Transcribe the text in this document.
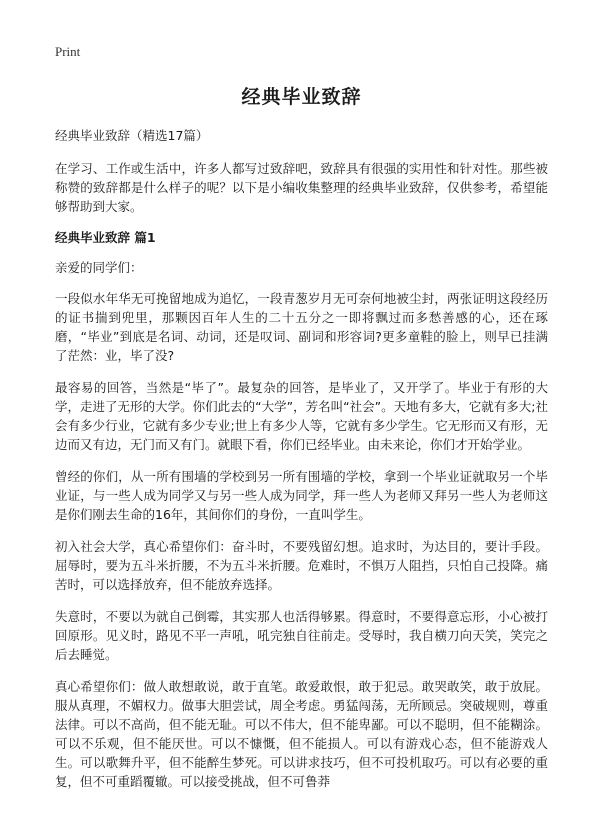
Print
经典毕业致辞
经典毕业致辞（精选17篇）

在学习、工作或生活中，许多人都写过致辞吧，致辞具有很强的实用性和针对性。那些被称赞的致辞都是什么样子的呢？以下是小编收集整理的经典毕业致辞，仅供参考，希望能够帮助到大家。

经典毕业致辞 篇1
亲爱的同学们：

一段似水年华无可挽留地成为追忆，一段青葱岁月无可奈何地被尘封，两张证明这段经历的证书揣到兜里，那颗因百年人生的二十五分之一即将飘过而多愁善感的心，还在琢磨，“毕业”到底是名词、动词，还是叹词、副词和形容词?更多童鞋的脸上，则早已挂满了茫然：业，毕了没?

最容易的回答，当然是“毕了”。最复杂的回答，是毕业了，又开学了。毕业于有形的大学，走进了无形的大学。你们此去的“大学”，芳名叫“社会”。天地有多大，它就有多大;社会有多少行业，它就有多少专业;世上有多少人等，它就有多少学生。它无形而又有形，无边而又有边，无门而又有门。就眼下看，你们已经毕业。由未来论，你们才开始学业。

曾经的你们，从一所有围墙的学校到另一所有围墙的学校，拿到一个毕业证就取另一个毕业证，与一些人成为同学又与另一些人成为同学，拜一些人为老师又拜另一些人为老师这是你们刚去生命的16年，其间你们的身份，一直叫学生。

初入社会大学，真心希望你们：奋斗时，不要残留幻想。追求时，为达目的，要计手段。屈辱时，要为五斗米折腰，不为五斗米折腰。危难时，不惧万人阻挡，只怕自己投降。痛苦时，可以选择放弃，但不能放弃选择。

失意时，不要以为就自己倒霉，其实那人也活得够累。得意时，不要得意忘形，小心被打回原形。见义时，路见不平一声吼，吼完独自往前走。受辱时，我自横刀向天笑，笑完之后去睡觉。

真心希望你们：做人敢想敢说，敢于直笔。敢爱敢恨，敢于犯忌。敢哭敢笑，敢于放屁。服从真理，不媚权力。做事大胆尝试，周全考虑。勇猛闯荡，无所顾忌。突破规则，尊重法律。可以不高尚，但不能无耻。可以不伟大，但不能卑鄙。可以不聪明，但不能糊涂。可以不乐观，但不能厌世。可以不慷慨，但不能损人。可以有游戏心态，但不能游戏人生。可以歌舞升平，但不能醉生梦死。可以讲求技巧，但不可投机取巧。可以有必要的重复，但不可重蹈覆辙。可以接受挑战，但不可鲁莽
